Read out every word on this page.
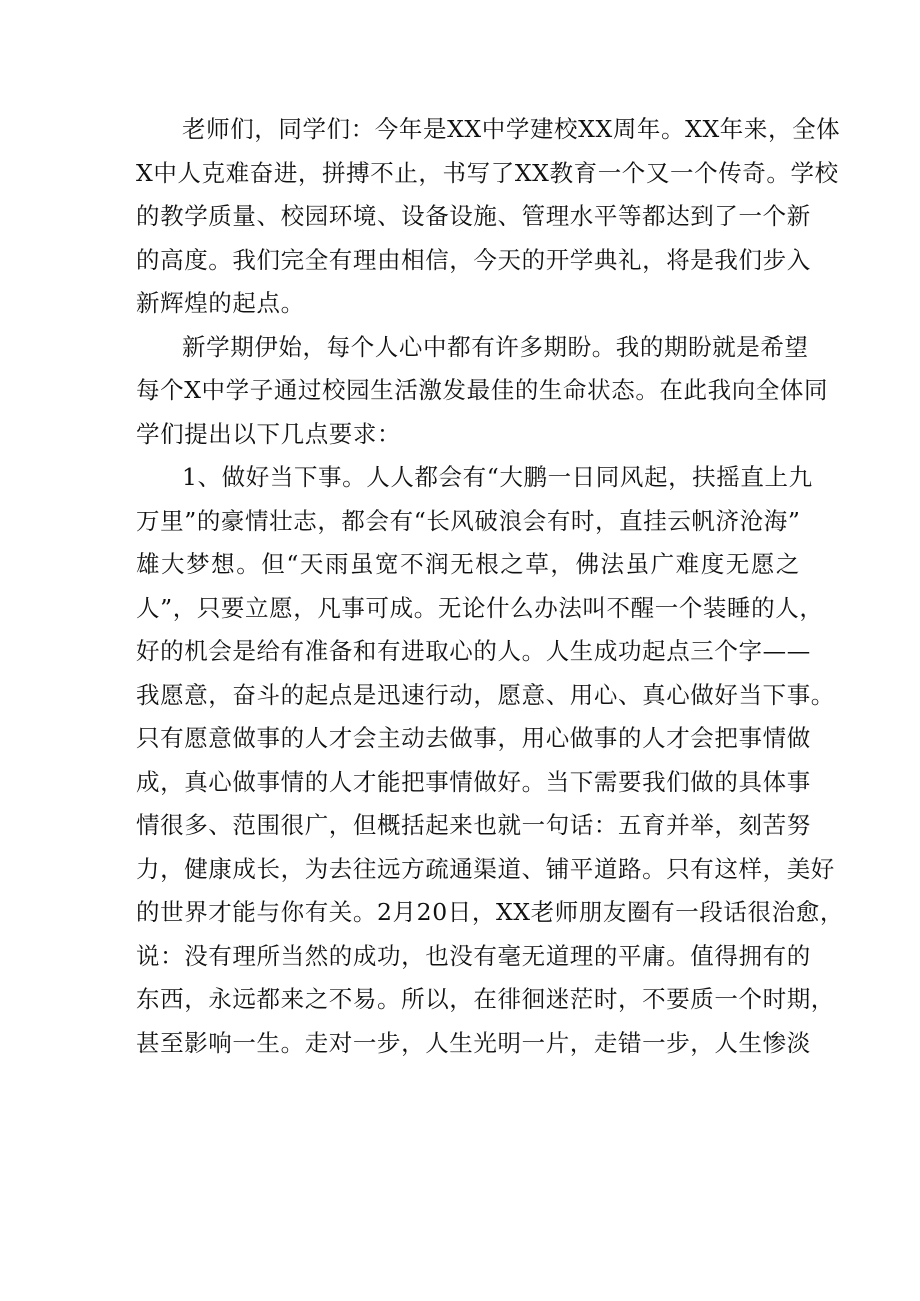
老师们，同学们：今年是XX中学建校XX周年。XX年来，全体
X中人克难奋进，拼搏不止，书写了XX教育一个又一个传奇。学校
的教学质量、校园环境、设备设施、管理水平等都达到了一个新
的高度。我们完全有理由相信，今天的开学典礼，将是我们步入
新辉煌的起点。
新学期伊始，每个人心中都有许多期盼。我的期盼就是希望
每个X中学子通过校园生活激发最佳的生命状态。在此我向全体同
学们提出以下几点要求：
1、做好当下事。人人都会有“大鹏一日同风起，扶摇直上九
万里”的豪情壮志，都会有“长风破浪会有时，直挂云帆济沧海”
雄大梦想。但“天雨虽宽不润无根之草，佛法虽广难度无愿之
人”，只要立愿，凡事可成。无论什么办法叫不醒一个装睡的人，
好的机会是给有准备和有进取心的人。人生成功起点三个字——
我愿意，奋斗的起点是迅速行动，愿意、用心、真心做好当下事。
只有愿意做事的人才会主动去做事，用心做事的人才会把事情做
成，真心做事情的人才能把事情做好。当下需要我们做的具体事
情很多、范围很广，但概括起来也就一句话：五育并举，刻苦努
力，健康成长，为去往远方疏通渠道、铺平道路。只有这样，美好
的世界才能与你有关。2月20日，XX老师朋友圈有一段话很治愈，
说：没有理所当然的成功，也没有毫无道理的平庸。值得拥有的
东西，永远都来之不易。所以，在徘徊迷茫时，不要质一个时期，
甚至影响一生。走对一步，人生光明一片，走错一步，人生惨淡
